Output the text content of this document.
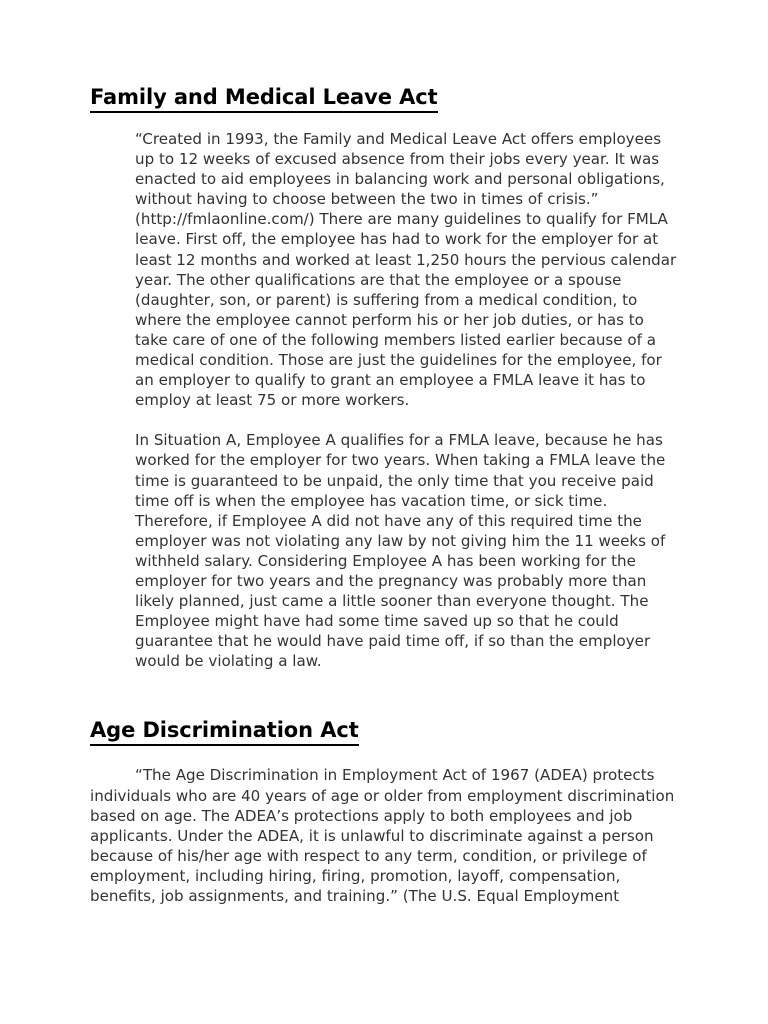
Family and Medical Leave Act

“Created in 1993, the Family and Medical Leave Act offers employees up to 12 weeks of excused absence from their jobs every year. It was enacted to aid employees in balancing work and personal obligations, without having to choose between the two in times of crisis.” (http://fmlaonline.com/) There are many guidelines to qualify for FMLA leave. First off, the employee has had to work for the employer for at least 12 months and worked at least 1,250 hours the pervious calendar year. The other qualifications are that the employee or a spouse (daughter, son, or parent) is suffering from a medical condition, to where the employee cannot perform his or her job duties, or has to take care of one of the following members listed earlier because of a medical condition. Those are just the guidelines for the employee, for an employer to qualify to grant an employee a FMLA leave it has to employ at least 75 or more workers.

In Situation A, Employee A qualifies for a FMLA leave, because he has worked for the employer for two years. When taking a FMLA leave the time is guaranteed to be unpaid, the only time that you receive paid time off is when the employee has vacation time, or sick time. Therefore, if Employee A did not have any of this required time the employer was not violating any law by not giving him the 11 weeks of withheld salary. Considering Employee A has been working for the employer for two years and the pregnancy was probably more than likely planned, just came a little sooner than everyone thought. The Employee might have had some time saved up so that he could guarantee that he would have paid time off, if so than the employer would be violating a law.

Age Discrimination Act

“The Age Discrimination in Employment Act of 1967 (ADEA) protects individuals who are 40 years of age or older from employment discrimination based on age. The ADEA’s protections apply to both employees and job applicants. Under the ADEA, it is unlawful to discriminate against a person because of his/her age with respect to any term, condition, or privilege of employment, including hiring, firing, promotion, layoff, compensation, benefits, job assignments, and training.” (The U.S. Equal Employment
